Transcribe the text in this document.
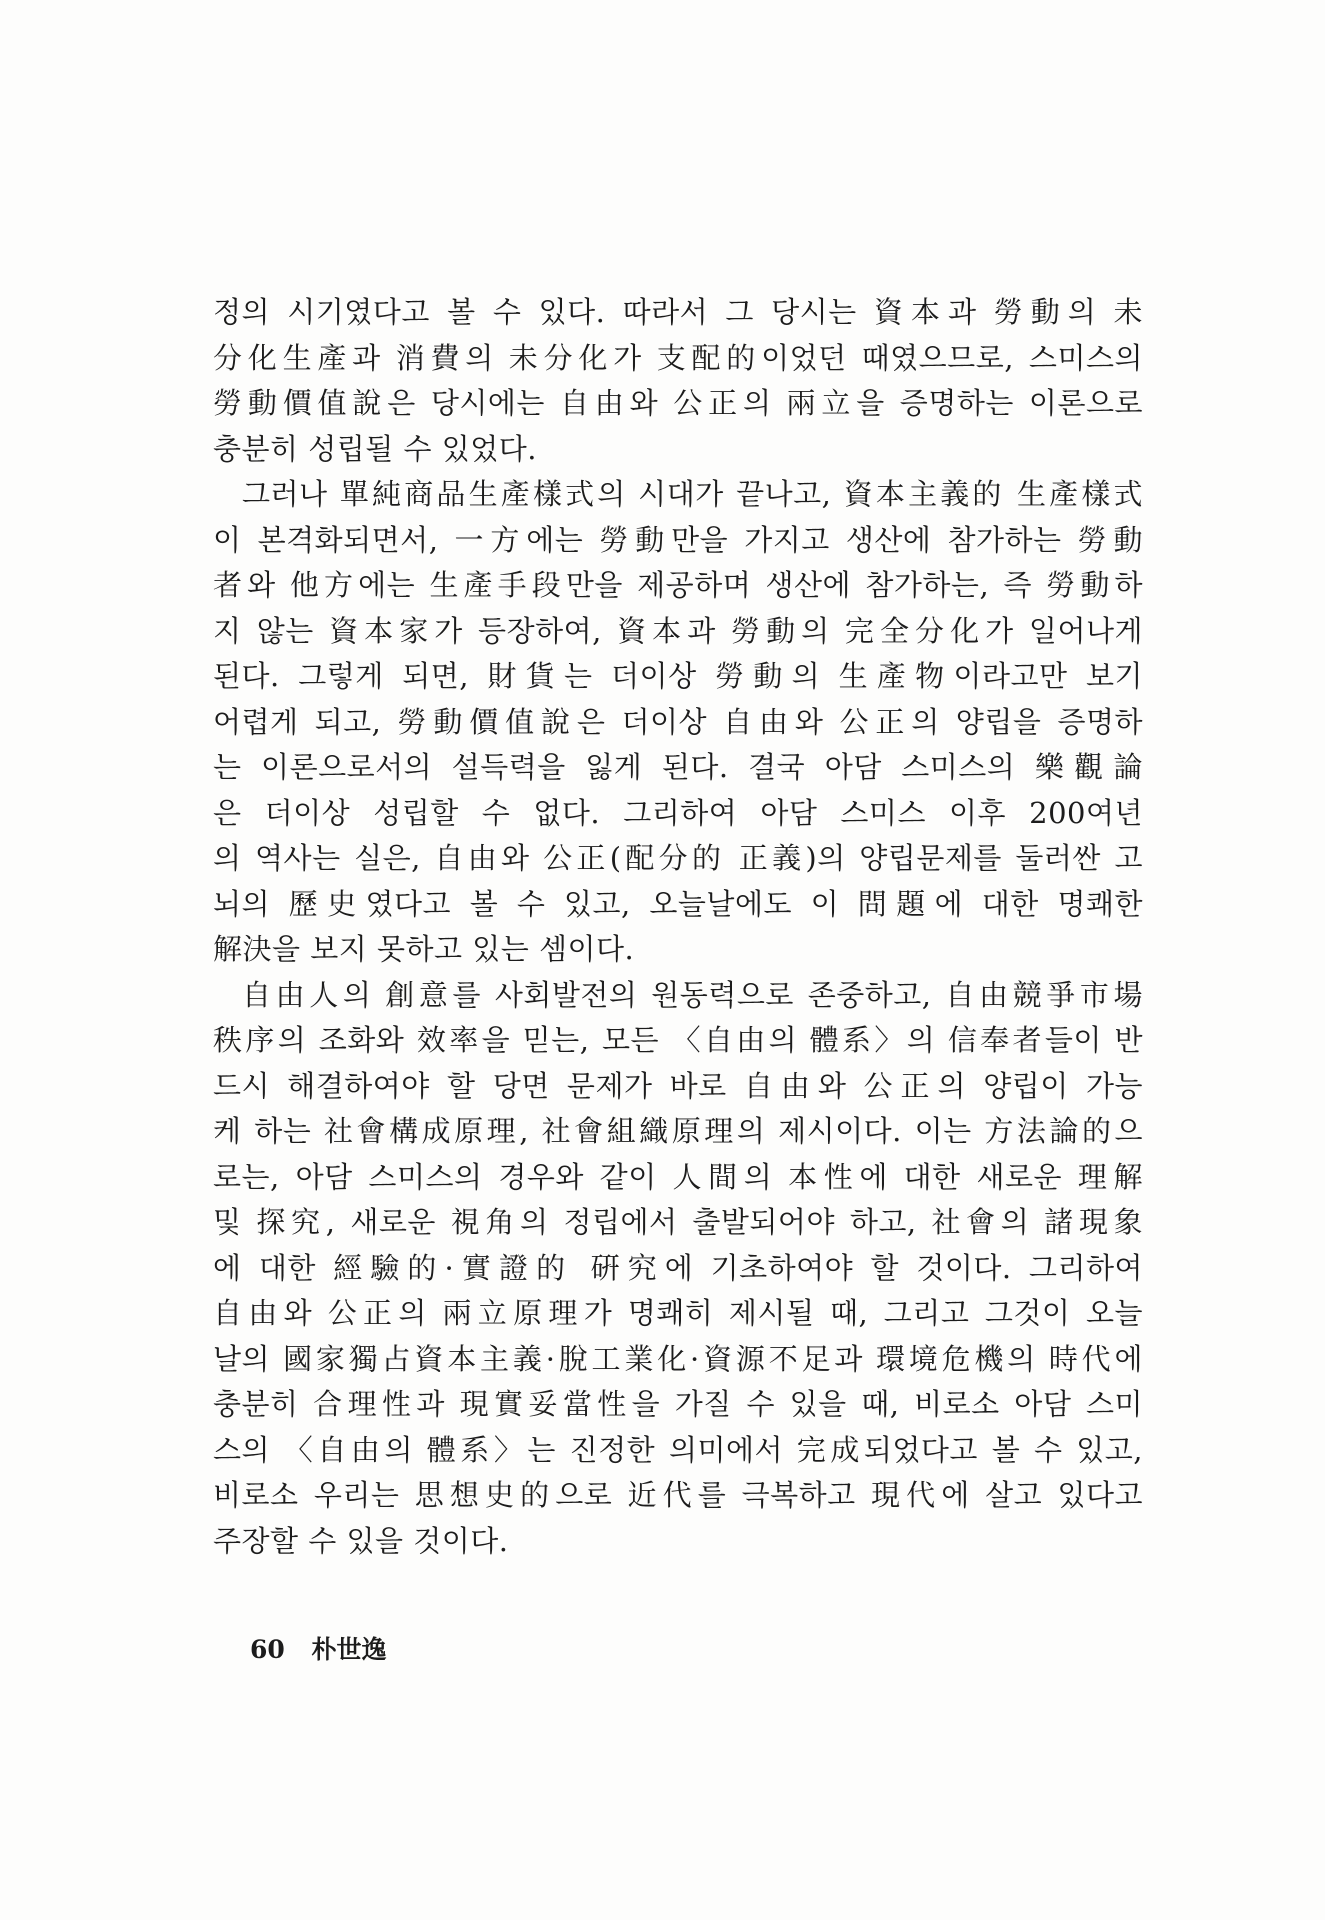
정의 시기였다고 볼 수 있다. 따라서 그 당시는 資本과 勞動의 未
分化生產과 消費의 未分化가 支配的이었던 때였으므로, 스미스의
勞動價值說은 당시에는 自由와 公正의 兩立을 증명하는 이론으로
충분히 성립될 수 있었다.
그러나 單純商品生產樣式의 시대가 끝나고, 資本主義的 生產樣式
이 본격화되면서, 一方에는 勞動만을 가지고 생산에 참가하는 勞動
者와 他方에는 生產手段만을 제공하며 생산에 참가하는, 즉 勞動하
지 않는 資本家가 등장하여, 資本과 勞動의 完全分化가 일어나게
된다. 그렇게 되면, 財貨는 더이상 勞動의 生產物이라고만 보기
어렵게 되고, 勞動價值說은 더이상 自由와 公正의 양립을 증명하
는 이론으로서의 설득력을 잃게 된다. 결국 아담 스미스의 樂觀論
은 더이상 성립할 수 없다. 그리하여 아담 스미스 이후 200여년
의 역사는 실은, 自由와 公正(配分的 正義)의 양립문제를 둘러싼 고
뇌의 歷史였다고 볼 수 있고, 오늘날에도 이 問題에 대한 명쾌한
解決을 보지 못하고 있는 셈이다.
自由人의 創意를 사회발전의 원동력으로 존중하고, 自由競爭市場
秩序의 조화와 效率을 믿는, 모든 〈自由의 體系〉의 信奉者들이 반
드시 해결하여야 할 당면 문제가 바로 自由와 公正의 양립이 가능
케 하는 社會構成原理, 社會組織原理의 제시이다. 이는 方法論的으
로는, 아담 스미스의 경우와 같이 人間의 本性에 대한 새로운 理解
및 探究, 새로운 視角의 정립에서 출발되어야 하고, 社會의 諸現象
에 대한 經驗的·實證的 硏究에 기초하여야 할 것이다. 그리하여
自由와 公正의 兩立原理가 명쾌히 제시될 때, 그리고 그것이 오늘
날의 國家獨占資本主義·脫工業化·資源不足과 環境危機의 時代에
충분히 合理性과 現實妥當性을 가질 수 있을 때, 비로소 아담 스미
스의 〈自由의 體系〉는 진정한 의미에서 完成되었다고 볼 수 있고,
비로소 우리는 思想史的으로 近代를 극복하고 現代에 살고 있다고
주장할 수 있을 것이다.
60 朴世逸
